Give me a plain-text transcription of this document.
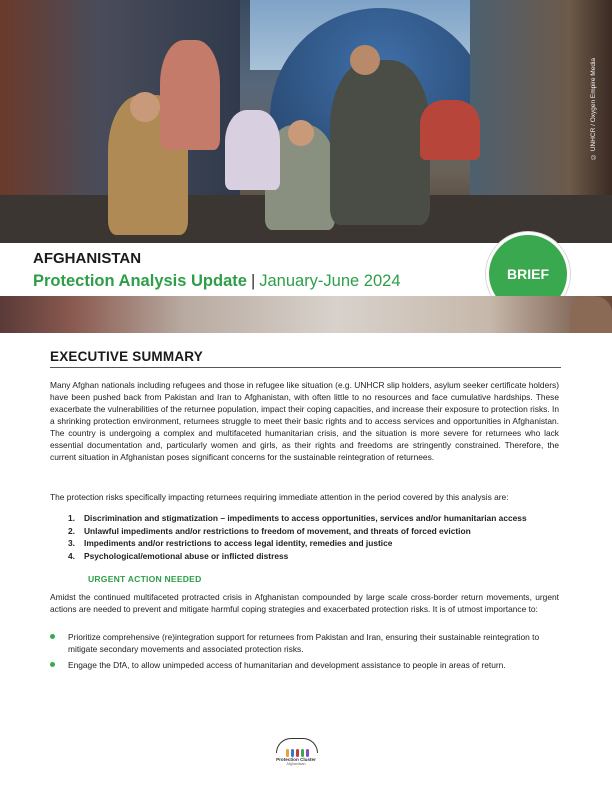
© UNHCR / Oxygen Empire Media
AFGHANISTAN
Protection Analysis Update | January-June 2024	BRIEF
EXECUTIVE SUMMARY

Many Afghan nationals including refugees and those in refugee like situation (e.g. UNHCR slip holders, asylum seeker certificate holders) have been pushed back from Pakistan and Iran to Afghanistan, with often little to no resources and face cumulative hardships. These exacerbate the vulnerabilities of the returnee population, impact their coping capacities, and increase their exposure to protection risks. In a shrinking protection environment, returnees struggle to meet their basic rights and to access services and opportunities in Afghanistan. The country is undergoing a complex and multifaceted humanitarian crisis, and the situation is more severe for returnees who lack essential documentation and, particularly women and girls, as their rights and freedoms are stringently constrained. Therefore, the current situation in Afghanistan poses significant concerns for the sustainable reintegration of returnees.

The protection risks specifically impacting returnees requiring immediate attention in the period covered by this analysis are:

1. Discrimination and stigmatization – impediments to access opportunities, services and/or humanitarian access
2. Unlawful impediments and/or restrictions to freedom of movement, and threats of forced eviction
3. Impediments and/or restrictions to access legal identity, remedies and justice
4. Psychological/emotional abuse or inflicted distress
URGENT ACTION NEEDED

Amidst the continued multifaceted protracted crisis in Afghanistan compounded by large scale cross-border return movements, urgent actions are needed to prevent and mitigate harmful coping strategies and exacerbated protection risks. It is of utmost importance to:

Prioritize comprehensive (re)integration support for returnees from Pakistan and Iran, ensuring their sustainable reintegration to mitigate secondary movements and associated protection risks.
Engage the DfA, to allow unimpeded access of humanitarian and development assistance to people in areas of return.
Protection Cluster
Afghanistan
